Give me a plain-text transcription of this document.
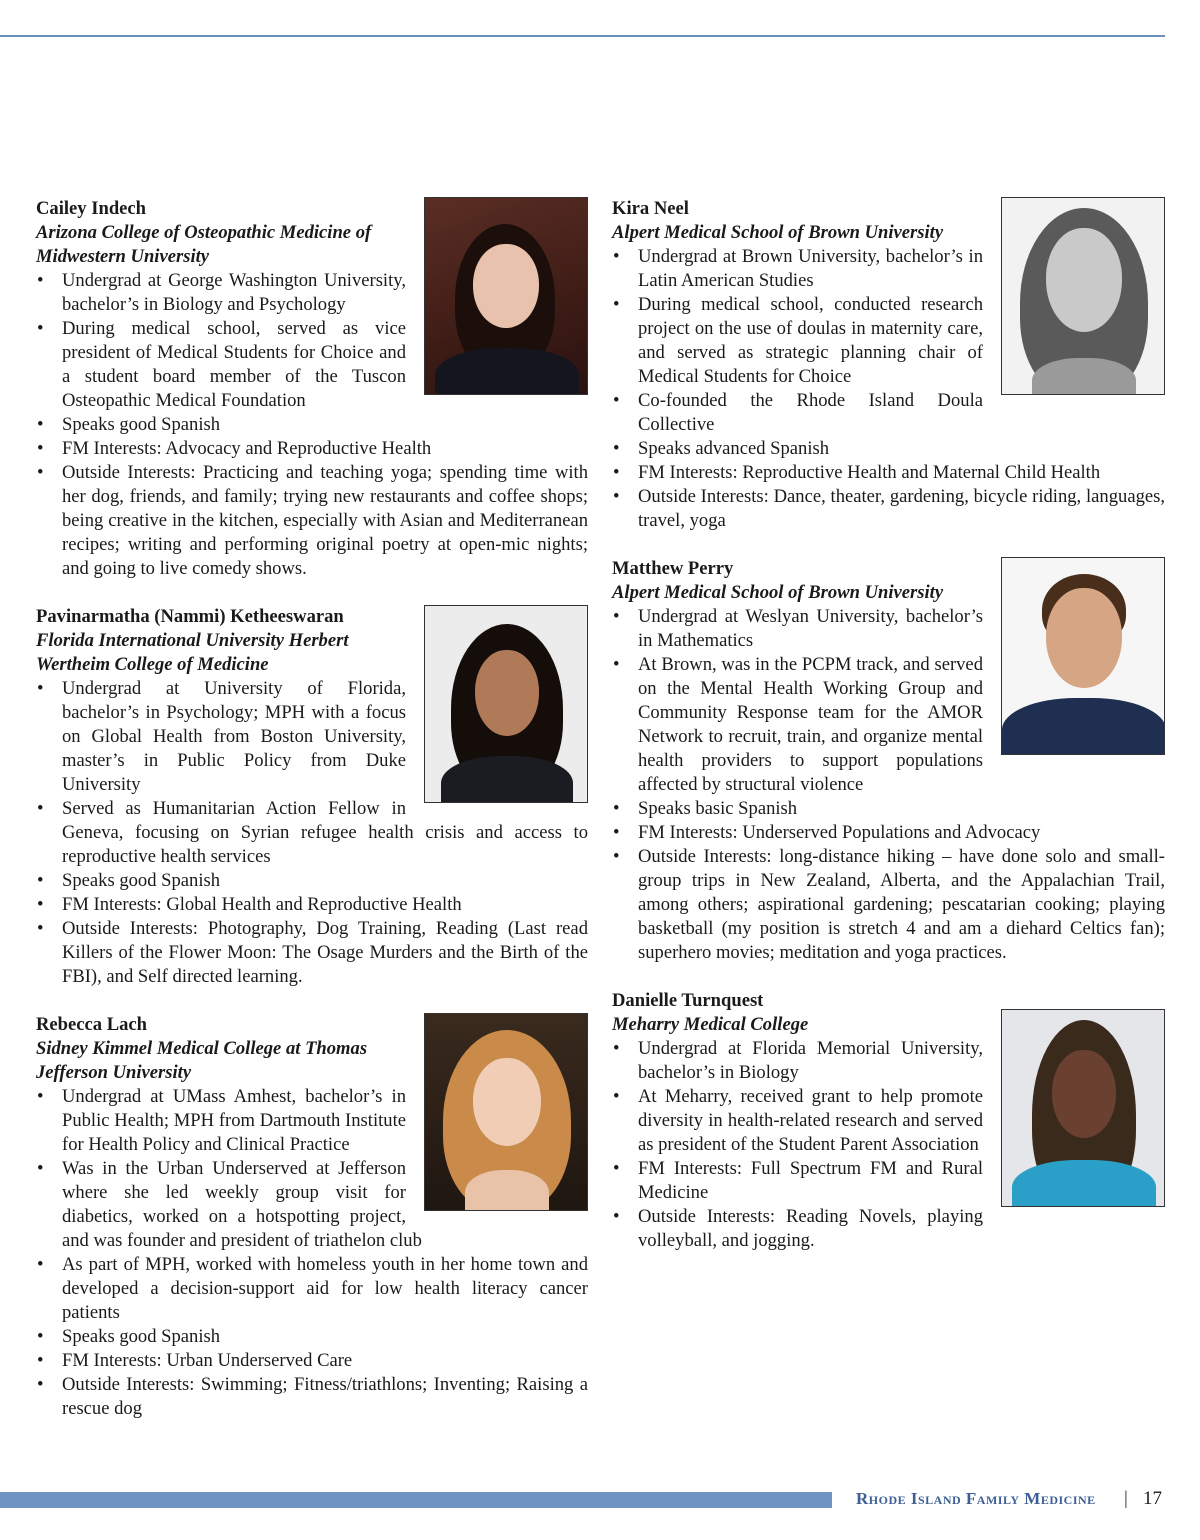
Cailey Indech
Arizona College of Osteopathic Medicine of Midwestern University
• Undergrad at George Washington University, bachelor’s in Biology and Psychology
• During medical school, served as vice president of Medical Students for Choice and a student board member of the Tuscon Osteopathic Medical Foundation
• Speaks good Spanish
• FM Interests: Advocacy and Reproductive Health
• Outside Interests: Practicing and teaching yoga; spending time with her dog, friends, and family; trying new restaurants and coffee shops; being creative in the kitchen, especially with Asian and Mediterranean recipes; writing and performing original poetry at open-mic nights; and going to live comedy shows.
Pavinarmatha (Nammi) Ketheeswaran
Florida International University Herbert Wertheim College of Medicine
• Undergrad at University of Florida, bachelor’s in Psychology; MPH with a focus on Global Health from Boston University, master’s in Public Policy from Duke University
• Served as Humanitarian Action Fellow in Geneva, focusing on Syrian refugee health crisis and access to reproductive health services
• Speaks good Spanish
• FM Interests: Global Health and Reproductive Health
• Outside Interests: Photography, Dog Training, Reading (Last read Killers of the Flower Moon: The Osage Murders and the Birth of the FBI), and Self directed learning.
Rebecca Lach
Sidney Kimmel Medical College at Thomas Jefferson University
• Undergrad at UMass Amhest, bachelor’s in Public Health; MPH from Dartmouth Institute for Health Policy and Clinical Practice
• Was in the Urban Underserved at Jefferson where she led weekly group visit for diabetics, worked on a hotspotting project, and was founder and president of triathelon club
• As part of MPH, worked with homeless youth in her home town and developed a decision-support aid for low health literacy cancer patients
• Speaks good Spanish
• FM Interests: Urban Underserved Care
• Outside Interests: Swimming; Fitness/triathlons; Inventing; Raising a rescue dog
Kira Neel
Alpert Medical School of Brown University
• Undergrad at Brown University, bachelor’s in Latin American Studies
• During medical school, conducted research project on the use of doulas in maternity care, and served as strategic planning chair of Medical Students for Choice
• Co-founded the Rhode Island Doula Collective
• Speaks advanced Spanish
• FM Interests: Reproductive Health and Maternal Child Health
• Outside Interests: Dance, theater, gardening, bicycle riding, languages, travel, yoga
Matthew Perry
Alpert Medical School of Brown University
• Undergrad at Weslyan University, bachelor’s in Mathematics
• At Brown, was in the PCPM track, and served on the Mental Health Working Group and Community Response team for the AMOR Network to recruit, train, and organize mental health providers to support populations affected by structural violence
• Speaks basic Spanish
• FM Interests: Underserved Populations and Advocacy
• Outside Interests: long-distance hiking – have done solo and small-group trips in New Zealand, Alberta, and the Appalachian Trail, among others; aspirational gardening; pescatarian cooking; playing basketball (my position is stretch 4 and am a diehard Celtics fan); superhero movies; meditation and yoga practices.
Danielle Turnquest
Meharry Medical College
• Undergrad at Florida Memorial University, bachelor’s in Biology
• At Meharry, received grant to help promote diversity in health-related research and served as president of the Student Parent Association
• FM Interests: Full Spectrum FM and Rural Medicine
• Outside Interests: Reading Novels, playing volleyball, and jogging.
Rhode Island Family Medicine | 17
